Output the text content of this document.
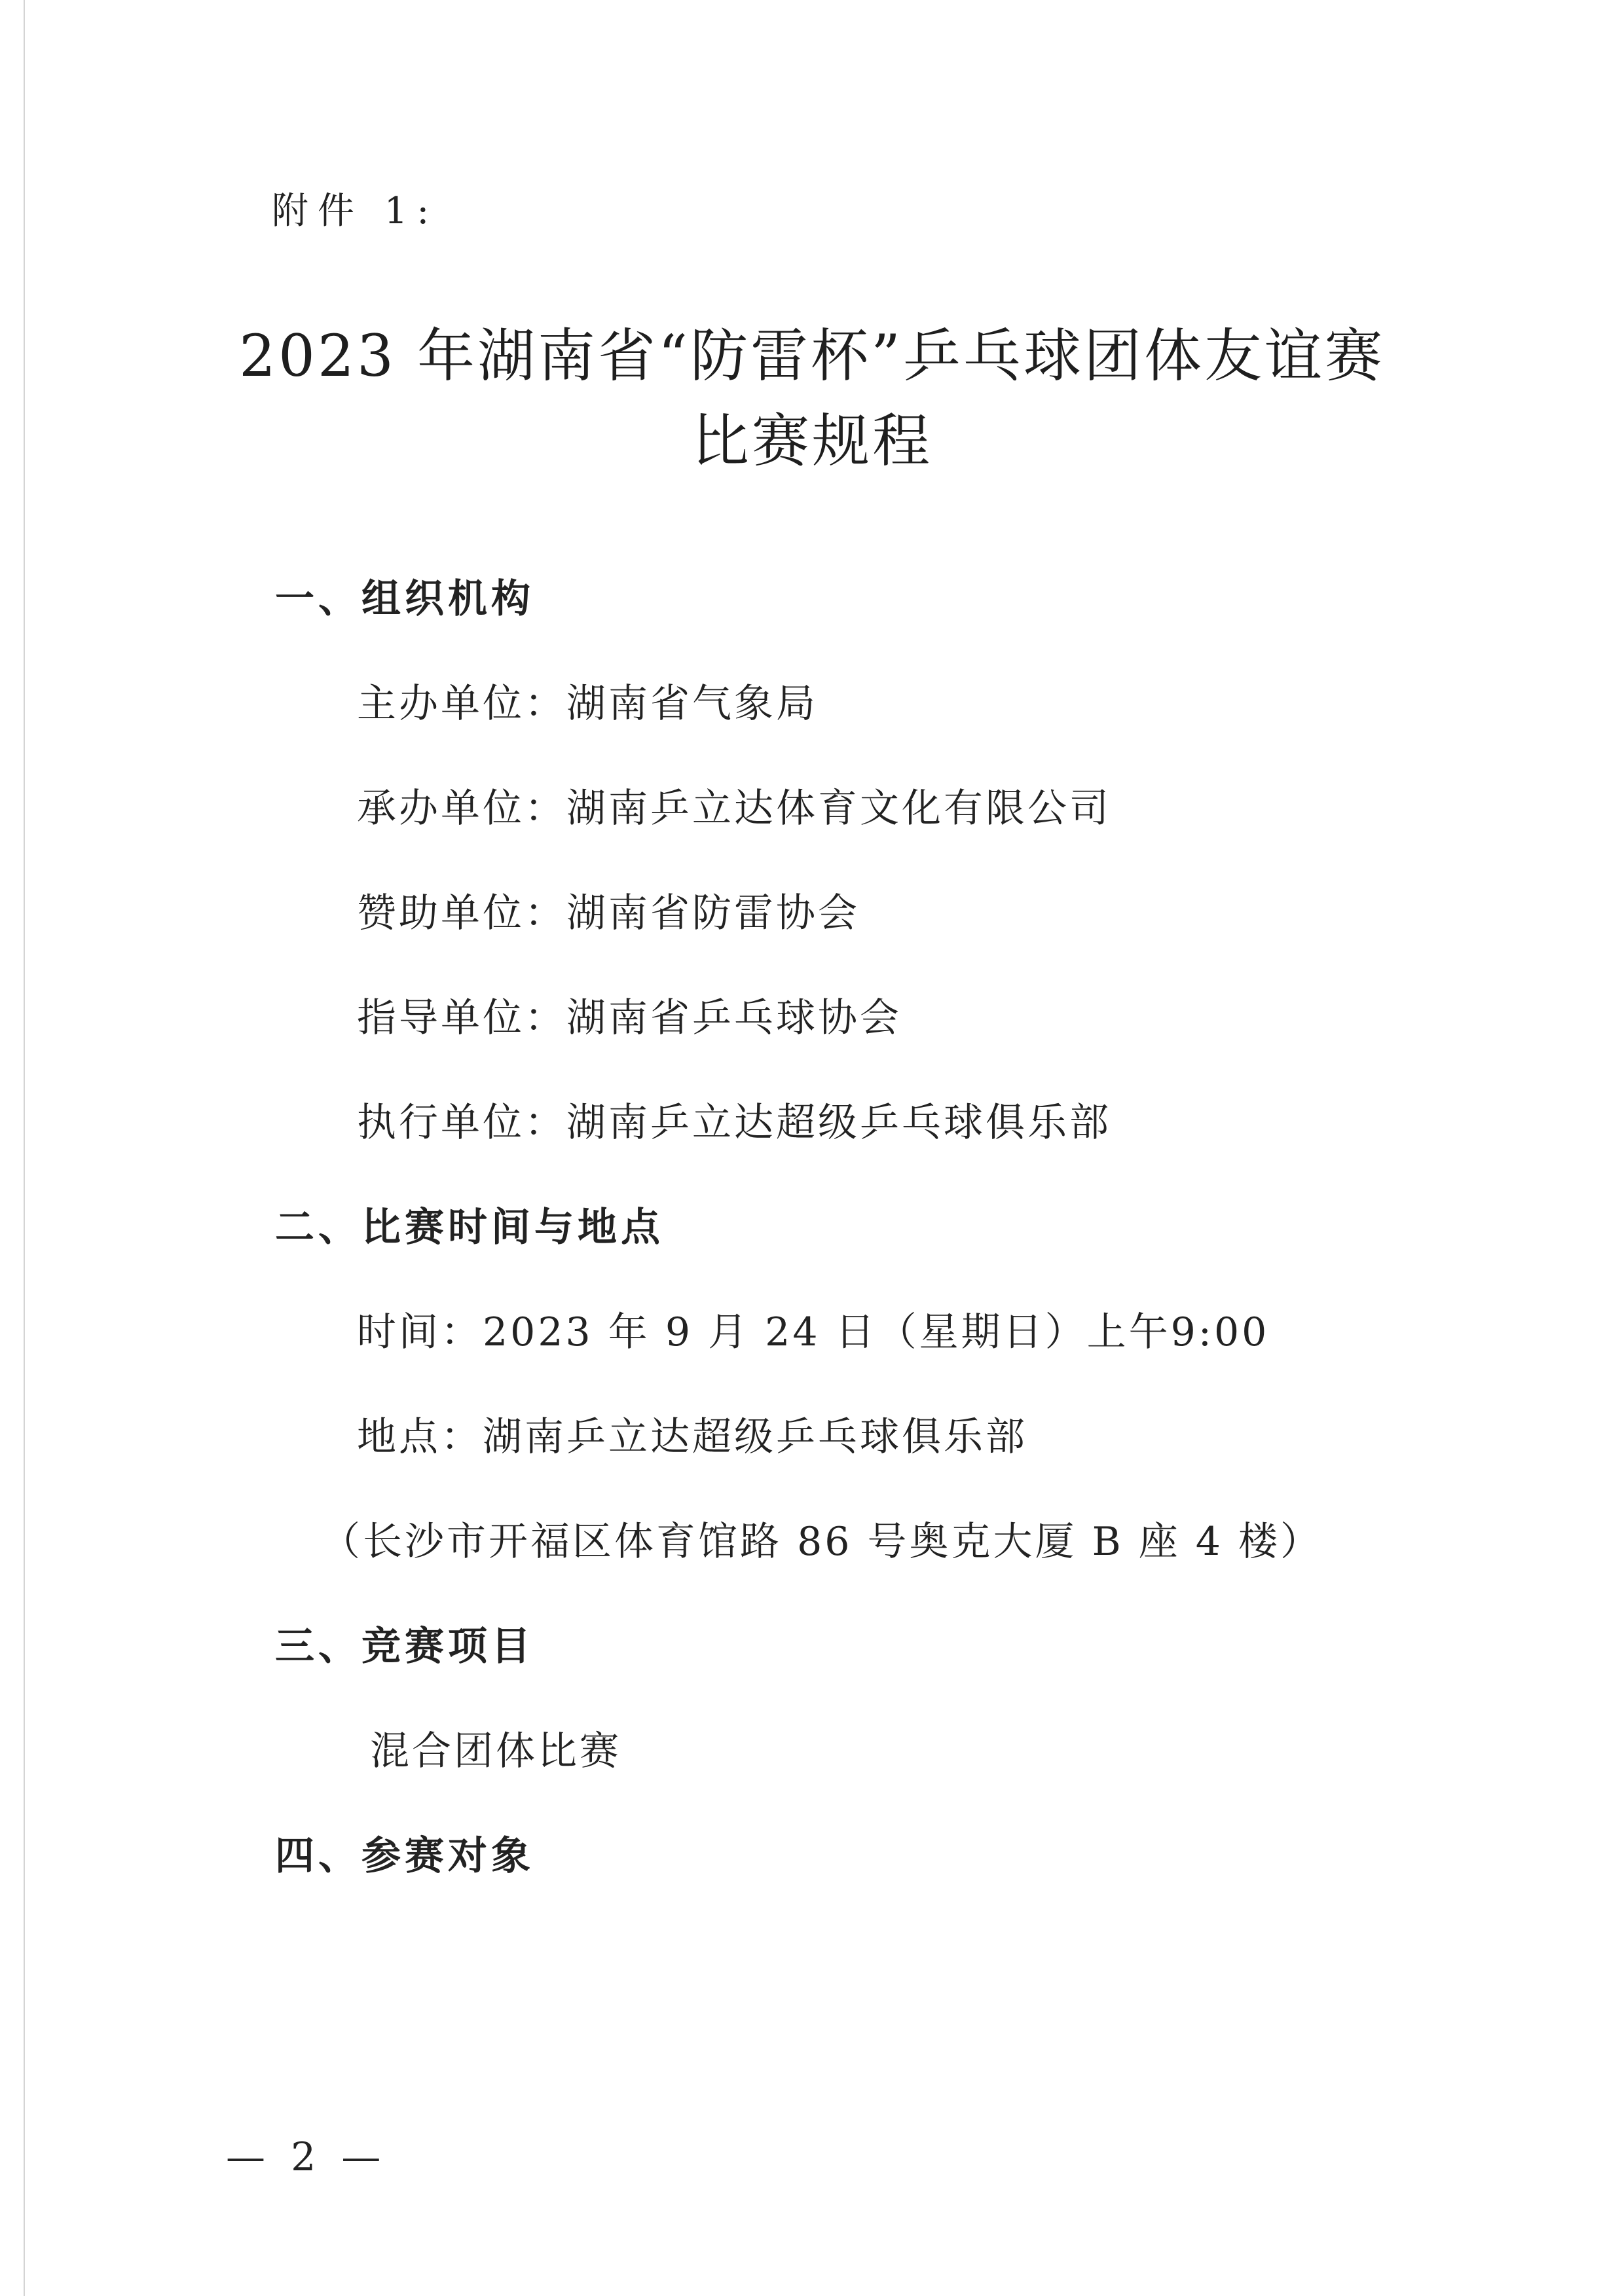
附件 1:
2023 年湖南省“防雷杯”乒乓球团体友谊赛
比赛规程
一、组织机构
主办单位：湖南省气象局
承办单位：湖南乒立达体育文化有限公司
赞助单位：湖南省防雷协会
指导单位：湖南省乒乓球协会
执行单位：湖南乒立达超级乒乓球俱乐部
二、比赛时间与地点
时间：2023 年 9 月 24 日（星期日）上午9:00
地点：湖南乒立达超级乒乓球俱乐部
（长沙市开福区体育馆路 86 号奥克大厦 B 座 4 楼）
三、竞赛项目
混合团体比赛
四、参赛对象
— 2 —
